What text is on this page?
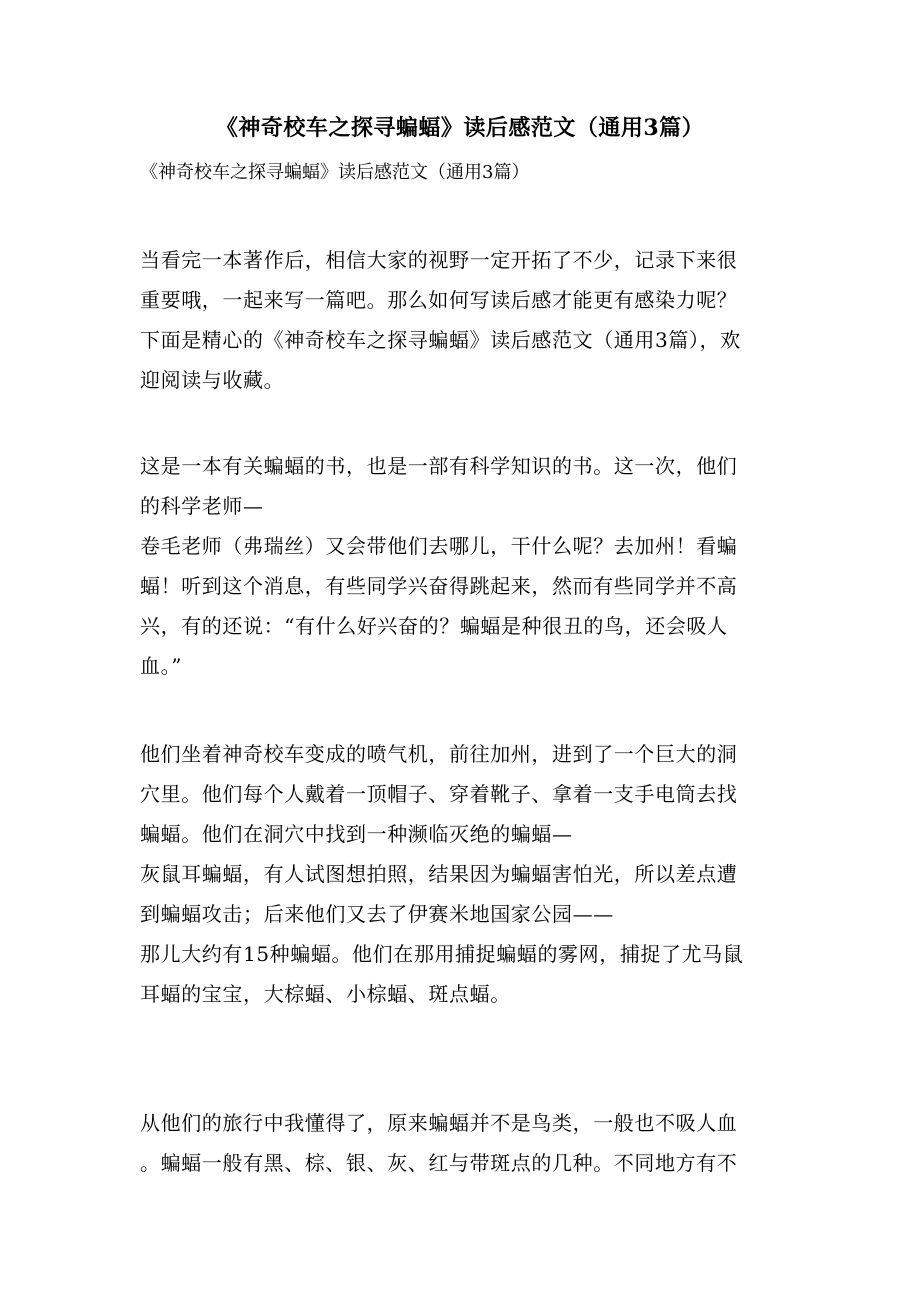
《神奇校车之探寻蝙蝠》读后感范文（通用3篇）
《神奇校车之探寻蝙蝠》读后感范文（通用3篇）
当看完一本著作后，相信大家的视野一定开拓了不少，记录下来很
重要哦，一起来写一篇吧。那么如何写读后感才能更有感染力呢？
下面是精心的《神奇校车之探寻蝙蝠》读后感范文（通用3篇），欢
迎阅读与收藏。
这是一本有关蝙蝠的书，也是一部有科学知识的书。这一次，他们
的科学老师—
卷毛老师（弗瑞丝）又会带他们去哪儿，干什么呢？去加州！看蝙
蝠！听到这个消息，有些同学兴奋得跳起来，然而有些同学并不高
兴，有的还说：“有什么好兴奋的？蝙蝠是种很丑的鸟，还会吸人
血。”
他们坐着神奇校车变成的喷气机，前往加州，进到了一个巨大的洞
穴里。他们每个人戴着一顶帽子、穿着靴子、拿着一支手电筒去找
蝙蝠。他们在洞穴中找到一种濒临灭绝的蝙蝠—
灰鼠耳蝙蝠，有人试图想拍照，结果因为蝙蝠害怕光，所以差点遭
到蝙蝠攻击；后来他们又去了伊赛米地国家公园——
那儿大约有15种蝙蝠。他们在那用捕捉蝙蝠的雾网，捕捉了尤马鼠
耳蝠的宝宝，大棕蝠、小棕蝠、斑点蝠。
从他们的旅行中我懂得了，原来蝙蝠并不是鸟类，一般也不吸人血
。蝙蝠一般有黑、棕、银、灰、红与带斑点的几种。不同地方有不
